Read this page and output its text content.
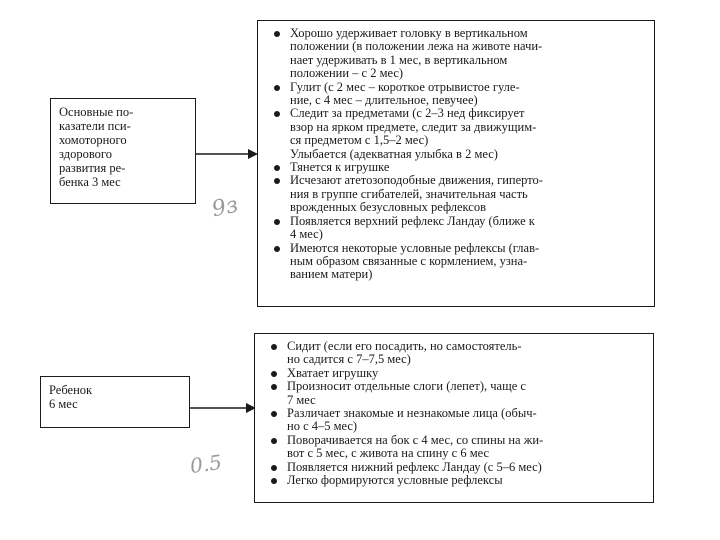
Основные по-
казатели пси-
хомоторного
здорового
развития ре-
бенка 3 мес
Хорошо удерживает головку в вертикальном
положении (в положении лежа на животе начи-
нает удерживать в 1 мес, в вертикальном
положении – с 2 мес)
Гулит (с 2 мес – короткое отрывистое гуле-
ние, с 4 мес – длительное, певучее)
Следит за предметами (с 2–3 нед фиксирует
взор на ярком предмете, следит за движущим-
ся предметом с 1,5–2 мес)
Улыбается (адекватная улыбка в 2 мес)
Тянется к игрушке
Исчезают атетозоподобные движения, гиперто-
ния в группе сгибателей, значительная часть
врожденных безусловных рефлексов
Появляется верхний рефлекс Ландау (ближе к
4 мес)
Имеются некоторые условные рефлексы (глав-
ным образом связанные с кормлением, узна-
ванием матери)
9з
Ребенок
6 мес
Сидит (если его посадить, но самостоятель-
но садится с 7–7,5 мес)
Хватает игрушку
Произносит отдельные слоги (лепет), чаще с
7 мес
Различает знакомые и незнакомые лица (обыч-
но с 4–5 мес)
Поворачивается на бок с 4 мес, со спины на жи-
вот с 5 мес, с живота на спину с 6 мес
Появляется нижний рефлекс Ландау (с 5–6 мес)
Легко формируются условные рефлексы
0.5
